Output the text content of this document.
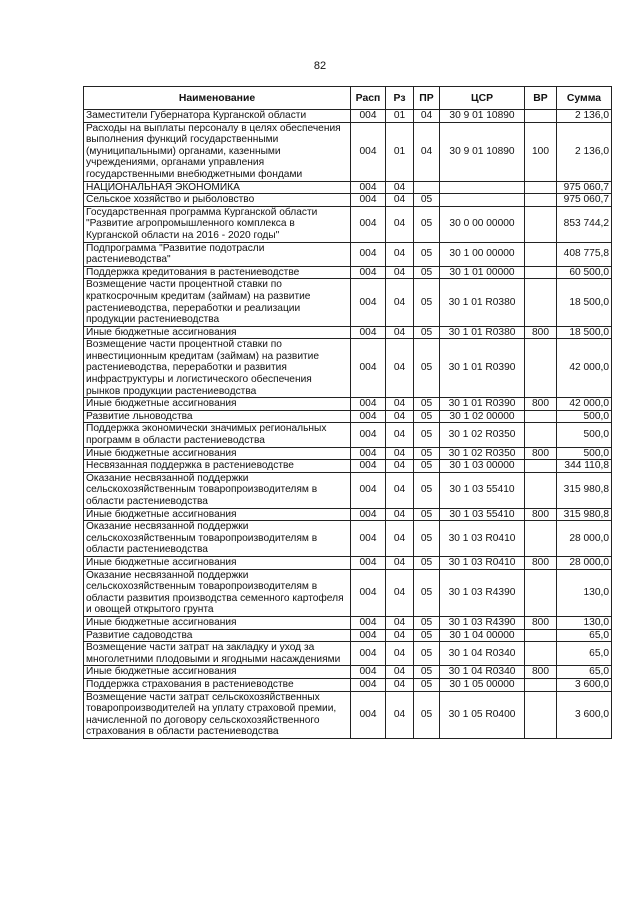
82
Наименование	Расп	Рз	ПР	ЦСР	ВР	Сумма
Заместители Губернатора Курганской области	004	01	04	30 9 01 10890		2 136,0
Расходы на выплаты персоналу в целях обеспечения выполнения функций государственными (муниципальными) органами, казенными учреждениями, органами управления государственными внебюджетными фондами	004	01	04	30 9 01 10890	100	2 136,0
НАЦИОНАЛЬНАЯ ЭКОНОМИКА	004	04				975 060,7
Сельское хозяйство и рыболовство	004	04	05			975 060,7
Государственная программа Курганской области "Развитие агропромышленного комплекса в Курганской области на 2016 - 2020 годы"	004	04	05	30 0 00 00000		853 744,2
Подпрограмма "Развитие подотрасли растениеводства"	004	04	05	30 1 00 00000		408 775,8
Поддержка кредитования в растениеводстве	004	04	05	30 1 01 00000		60 500,0
Возмещение части процентной ставки по краткосрочным кредитам (займам) на развитие растениеводства, переработки и реализации продукции растениеводства	004	04	05	30 1 01 R0380		18 500,0
Иные бюджетные ассигнования	004	04	05	30 1 01 R0380	800	18 500,0
Возмещение части процентной ставки по инвестиционным кредитам (займам) на развитие растениеводства, переработки и развития инфраструктуры и логистического обеспечения рынков продукции растениеводства	004	04	05	30 1 01 R0390		42 000,0
Иные бюджетные ассигнования	004	04	05	30 1 01 R0390	800	42 000,0
Развитие льноводства	004	04	05	30 1 02 00000		500,0
Поддержка экономически значимых региональных программ в области растениеводства	004	04	05	30 1 02 R0350		500,0
Иные бюджетные ассигнования	004	04	05	30 1 02 R0350	800	500,0
Несвязанная поддержка в растениеводстве	004	04	05	30 1 03 00000		344 110,8
Оказание несвязанной поддержки сельскохозяйственным товаропроизводителям в области растениеводства	004	04	05	30 1 03 55410		315 980,8
Иные бюджетные ассигнования	004	04	05	30 1 03 55410	800	315 980,8
Оказание несвязанной поддержки сельскохозяйственным товаропроизводителям в области растениеводства	004	04	05	30 1 03 R0410		28 000,0
Иные бюджетные ассигнования	004	04	05	30 1 03 R0410	800	28 000,0
Оказание несвязанной поддержки сельскохозяйственным товаропроизводителям в области развития производства семенного картофеля и овощей открытого грунта	004	04	05	30 1 03 R4390		130,0
Иные бюджетные ассигнования	004	04	05	30 1 03 R4390	800	130,0
Развитие садоводства	004	04	05	30 1 04 00000		65,0
Возмещение части затрат на закладку и уход за многолетними плодовыми и ягодными насаждениями	004	04	05	30 1 04 R0340		65,0
Иные бюджетные ассигнования	004	04	05	30 1 04 R0340	800	65,0
Поддержка страхования в растениеводстве	004	04	05	30 1 05 00000		3 600,0
Возмещение части затрат сельскохозяйственных товаропроизводителей на уплату страховой премии, начисленной по договору сельскохозяйственного страхования в области растениеводства	004	04	05	30 1 05 R0400		3 600,0
